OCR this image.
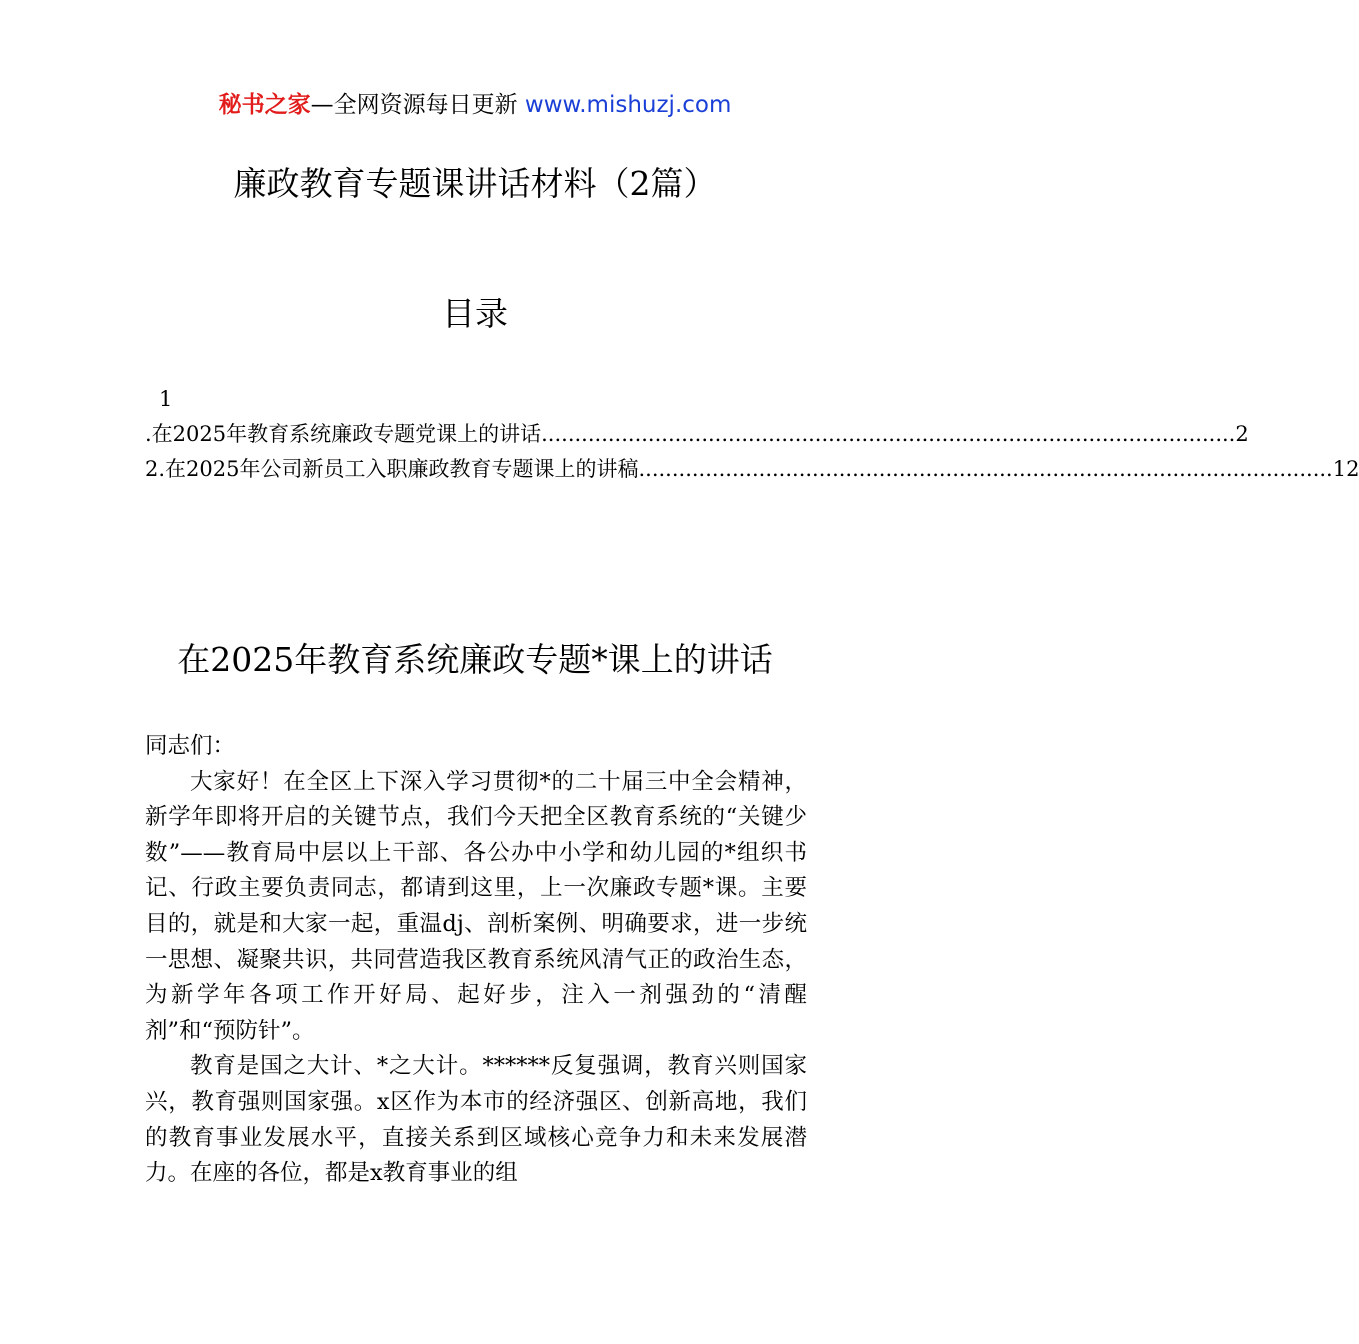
秘书之家—全网资源每日更新 www.mishuzj.com
廉政教育专题课讲话材料（2篇）
目录
1
.在2025年教育系统廉政专题党课上的讲话 ........................................................................................................ 2
2.在2025年公司新员工入职廉政教育专题课上的讲稿 ........................................................................................................ 12
在2025年教育系统廉政专题*课上的讲话

同志们：

大家好！在全区上下深入学习贯彻*的二十届三中全会精神，新学年即将开启的关键节点，我们今天把全区教育系统的“关键少数”——教育局中层以上干部、各公办中小学和幼儿园的*组织书记、行政主要负责同志，都请到这里，上一次廉政专题*课。主要目的，就是和大家一起，重温dj、剖析案例、明确要求，进一步统一思想、凝聚共识，共同营造我区教育系统风清气正的政治生态，为新学年各项工作开好局、起好步，注入一剂强劲的“清醒剂”和“预防针”。

教育是国之大计、*之大计。******反复强调，教育兴则国家兴，教育强则国家强。x区作为本市的经济强区、创新高地，我们的教育事业发展水平，直接关系到区域核心竞争力和未来发展潜力。在座的各位，都是x教育事业的组
